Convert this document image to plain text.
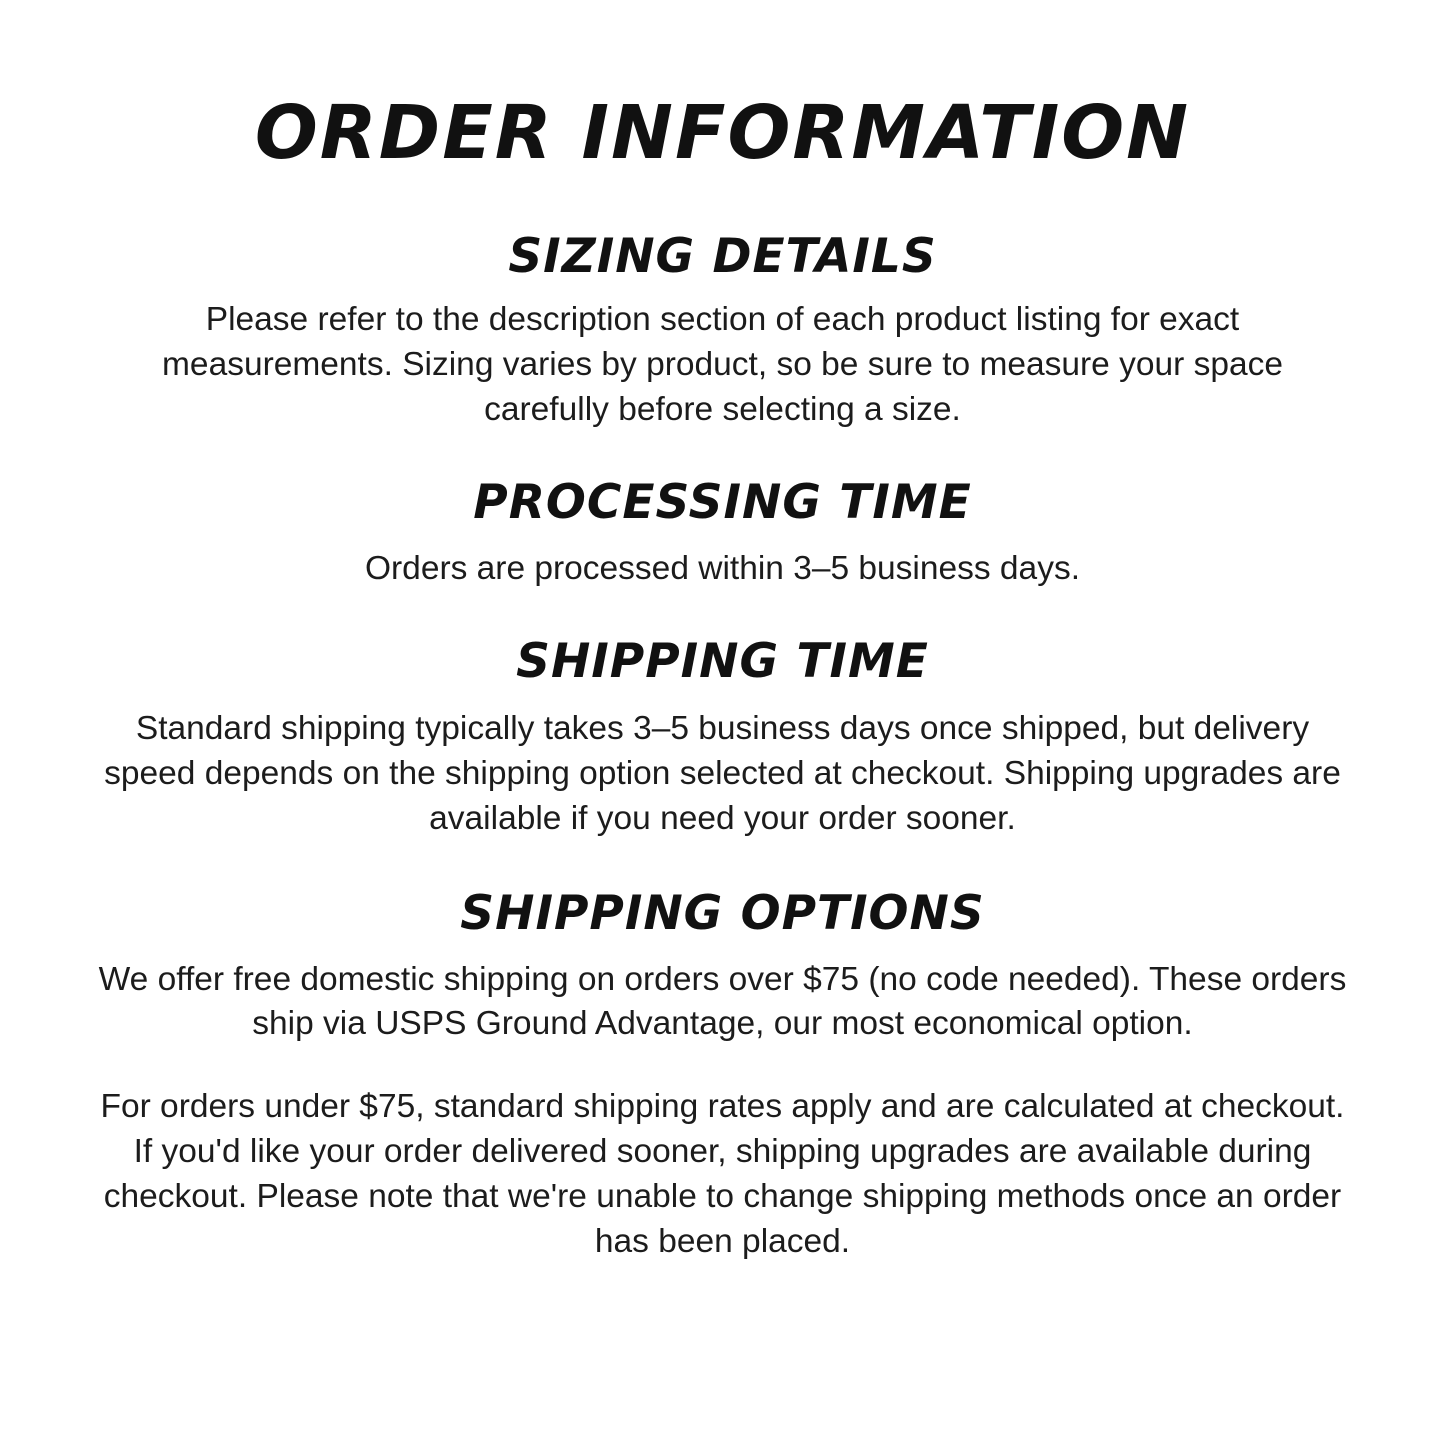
ORDER INFORMATION
SIZING DETAILS

Please refer to the description section of each product listing for exact measurements. Sizing varies by product, so be sure to measure your space carefully before selecting a size.

PROCESSING TIME

Orders are processed within 3–5 business days.

SHIPPING TIME

Standard shipping typically takes 3–5 business days once shipped, but delivery speed depends on the shipping option selected at checkout. Shipping upgrades are available if you need your order sooner.

SHIPPING OPTIONS

We offer free domestic shipping on orders over $75 (no code needed). These orders ship via USPS Ground Advantage, our most economical option.

For orders under $75, standard shipping rates apply and are calculated at checkout. If you'd like your order delivered sooner, shipping upgrades are available during checkout. Please note that we're unable to change shipping methods once an order has been placed.
